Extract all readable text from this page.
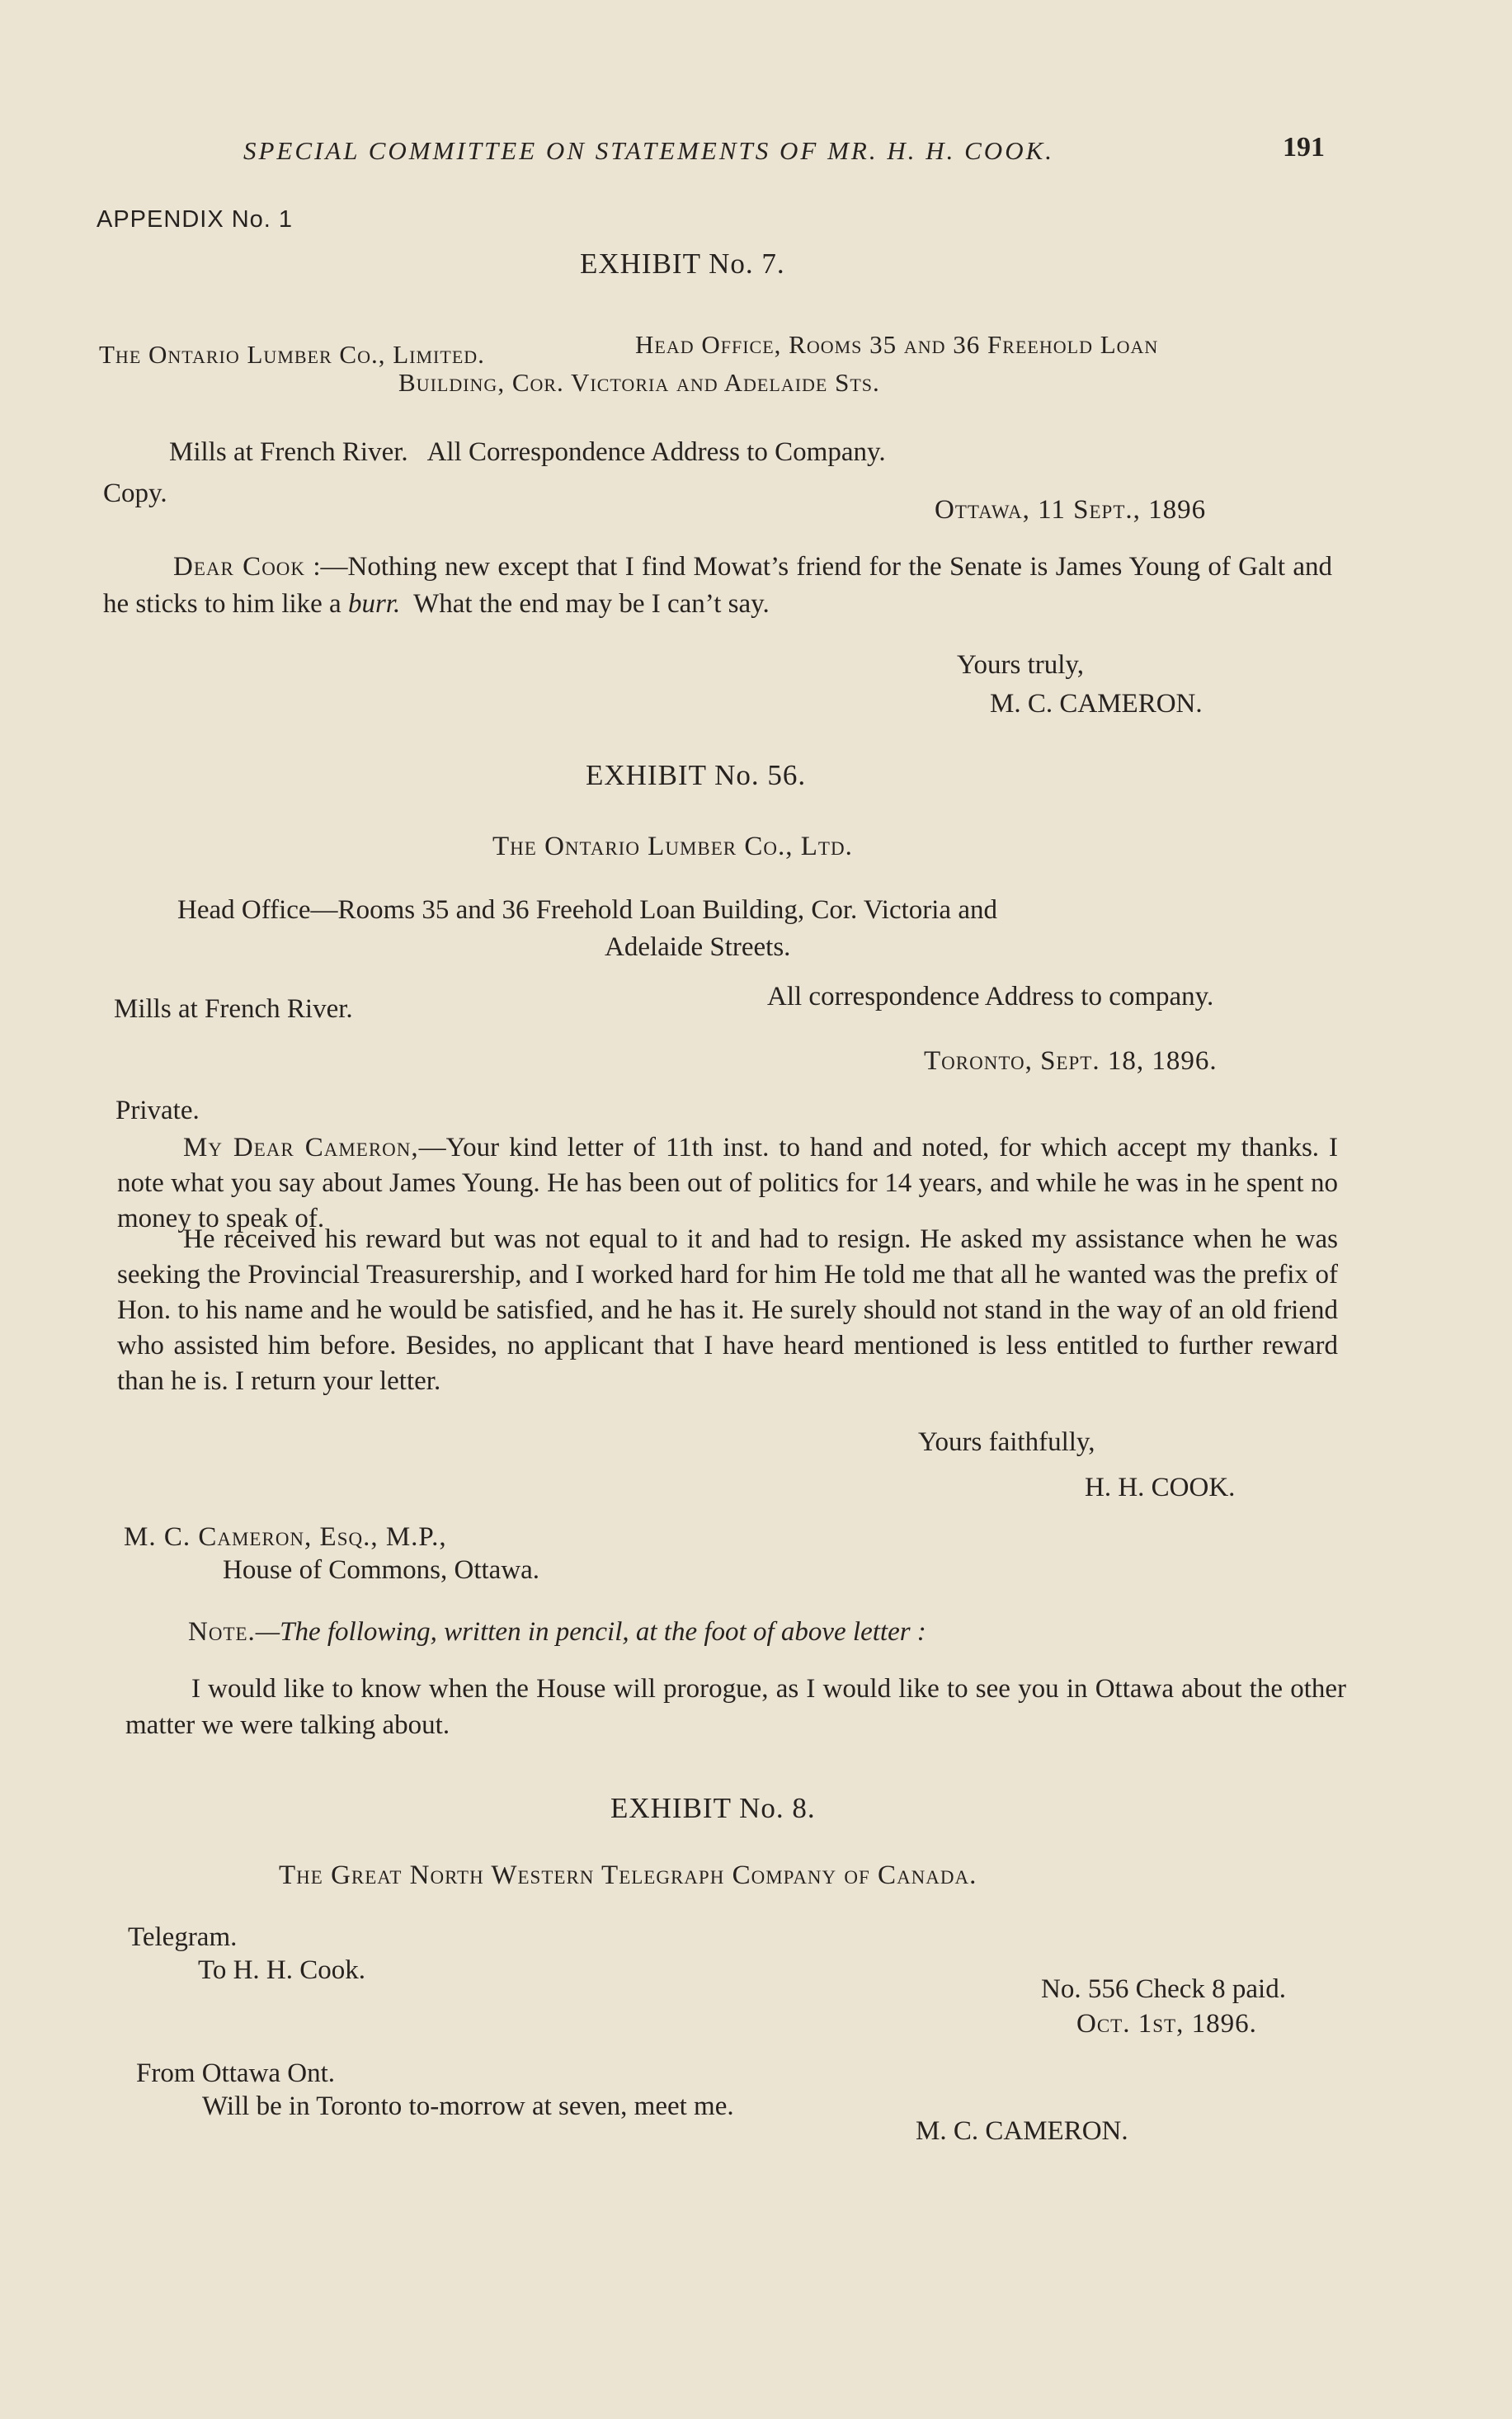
SPECIAL COMMITTEE ON STATEMENTS OF MR. H. H. COOK.	191
APPENDIX No. 1
EXHIBIT No. 7.
The Ontario Lumber Co., Limited.	Head Office, Rooms 35 and 36 Freehold Loan
Building, Cor. Victoria and Adelaide Sts.
Mills at French River.   All Correspondence Address to Company.
Copy.
Ottawa, 11 Sept., 1896
Dear Cook :—Nothing new except that I find Mowat’s friend for the Senate is James Young of Galt and he sticks to him like a burr.  What the end may be I can’t say.
Yours truly,
M. C. CAMERON.
EXHIBIT No. 56.
The Ontario Lumber Co., Ltd.
Head Office—Rooms 35 and 36 Freehold Loan Building, Cor. Victoria and
Adelaide Streets.
Mills at French River.	All correspondence Address to company.
Toronto, Sept. 18, 1896.
Private.
My Dear Cameron,—Your kind letter of 11th inst. to hand and noted, for which accept my thanks. I note what you say about James Young. He has been out of politics for 14 years, and while he was in he spent no money to speak of.
He received his reward but was not equal to it and had to resign. He asked my assistance when he was seeking the Provincial Treasurership, and I worked hard for him He told me that all he wanted was the prefix of Hon. to his name and he would be satisfied, and he has it. He surely should not stand in the way of an old friend who assisted him before. Besides, no applicant that I have heard mentioned is less entitled to further reward than he is. I return your letter.
Yours faithfully,
H. H. COOK.
M. C. Cameron, Esq., M.P.,
House of Commons, Ottawa.
Note.—The following, written in pencil, at the foot of above letter :
I would like to know when the House will prorogue, as I would like to see you in Ottawa about the other matter we were talking about.
EXHIBIT No. 8.
The Great North Western Telegraph Company of Canada.
Telegram.
To H. H. Cook.
No. 556 Check 8 paid.
Oct. 1st, 1896.
From Ottawa Ont.
Will be in Toronto to-morrow at seven, meet me.
M. C. CAMERON.
